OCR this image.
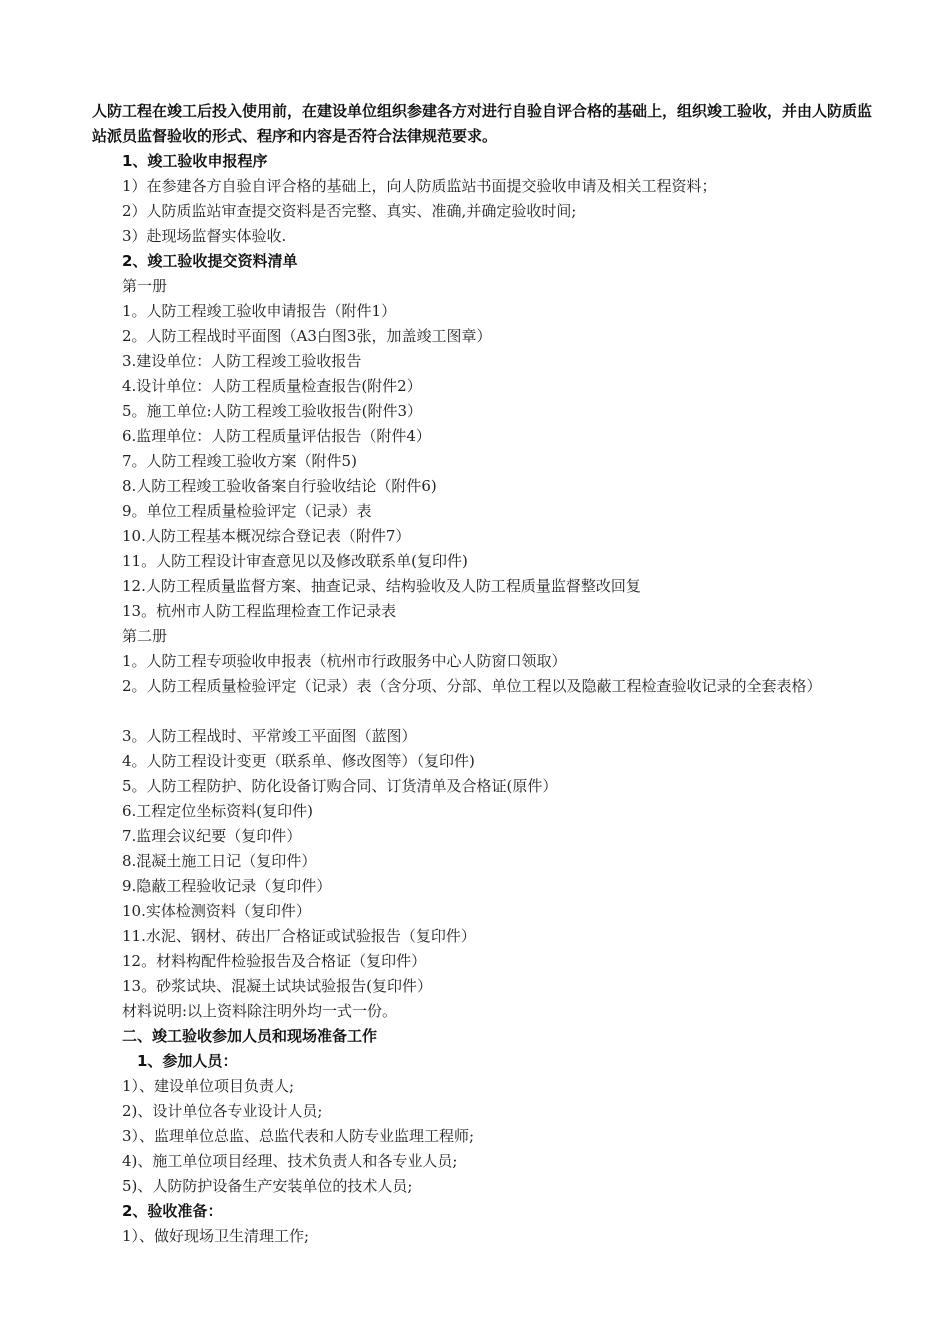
人防工程在竣工后投入使用前，在建设单位组织参建各方对进行自验自评合格的基础上，组织竣工验收，并由人防质监站派员监督验收的形式、程序和内容是否符合法律规范要求。
1、竣工验收申报程序
1）在参建各方自验自评合格的基础上，向人防质监站书面提交验收申请及相关工程资料；
2）人防质监站审查提交资料是否完整、真实、准确,并确定验收时间;
3）赴现场监督实体验收.
2、竣工验收提交资料清单
第一册
1。人防工程竣工验收申请报告（附件1）
2。人防工程战时平面图（A3白图3张，加盖竣工图章）
3.建设单位：人防工程竣工验收报告
4.设计单位：人防工程质量检查报告(附件2）
5。施工单位:人防工程竣工验收报告(附件3）
6.监理单位：人防工程质量评估报告（附件4）
7。人防工程竣工验收方案（附件5)
8.人防工程竣工验收备案自行验收结论（附件6)
9。单位工程质量检验评定（记录）表
10.人防工程基本概况综合登记表（附件7）
11。人防工程设计审查意见以及修改联系单(复印件)
12.人防工程质量监督方案、抽查记录、结构验收及人防工程质量监督整改回复
13。杭州市人防工程监理检查工作记录表
第二册
1。人防工程专项验收申报表（杭州市行政服务中心人防窗口领取）
2。人防工程质量检验评定（记录）表（含分项、分部、单位工程以及隐蔽工程检查验收记录的全套表格）
3。人防工程战时、平常竣工平面图（蓝图）
4。人防工程设计变更（联系单、修改图等）（复印件)
5。人防工程防护、防化设备订购合同、订货清单及合格证(原件）
6.工程定位坐标资料(复印件)
7.监理会议纪要（复印件）
8.混凝土施工日记（复印件）
9.隐蔽工程验收记录（复印件）
10.实体检测资料（复印件）
11.水泥、钢材、砖出厂合格证或试验报告（复印件）
12。材料构配件检验报告及合格证（复印件）
13。砂浆试块、混凝土试块试验报告(复印件）
材料说明:以上资料除注明外均一式一份。
二、竣工验收参加人员和现场准备工作
1、参加人员：
1）、建设单位项目负责人;
2)、设计单位各专业设计人员;
3）、监理单位总监、总监代表和人防专业监理工程师;
4)、施工单位项目经理、技术负责人和各专业人员;
5)、人防防护设备生产安装单位的技术人员;
2、验收准备：
1）、做好现场卫生清理工作;
